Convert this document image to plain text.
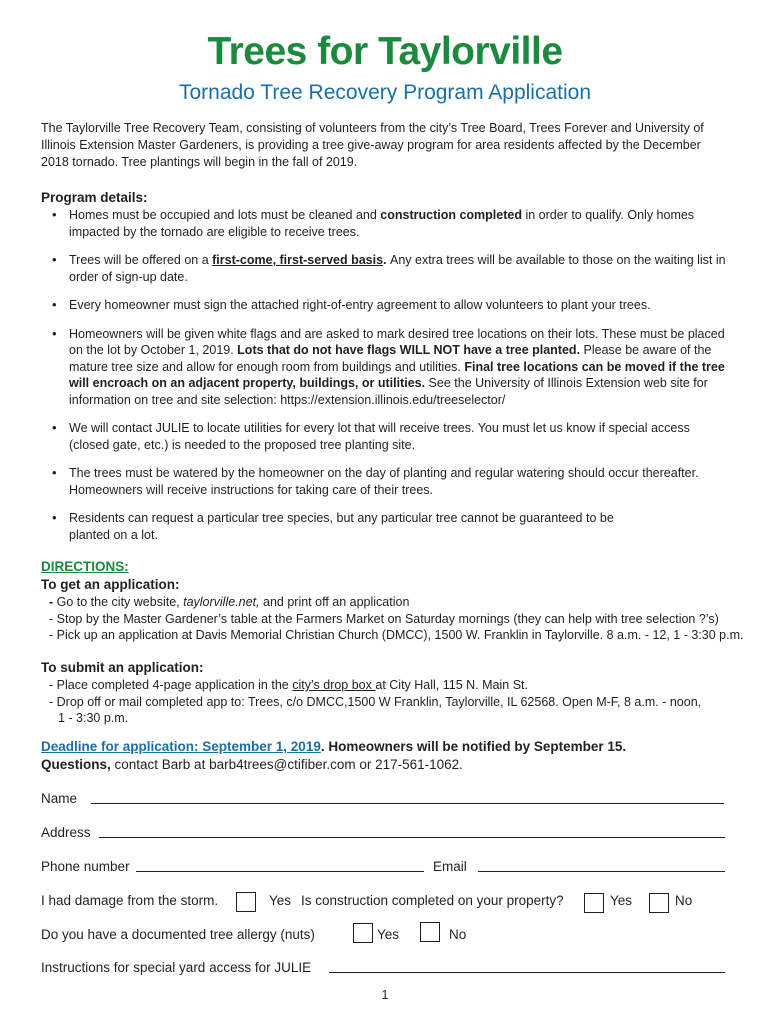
Trees for Taylorville
Tornado Tree Recovery Program Application
The Taylorville Tree Recovery Team, consisting of volunteers from the city’s Tree Board, Trees Forever and University of Illinois Extension Master Gardeners, is providing a tree give-away program for area residents affected by the December 2018 tornado. Tree plantings will begin in the fall of 2019.
Program details:
• Homes must be occupied and lots must be cleaned and construction completed in order to qualify. Only homes impacted by the tornado are eligible to receive trees.
• Trees will be offered on a first-come, first-served basis. Any extra trees will be available to those on the waiting list in order of sign-up date.
• Every homeowner must sign the attached right-of-entry agreement to allow volunteers to plant your trees.
• Homeowners will be given white flags and are asked to mark desired tree locations on their lots. These must be placed on the lot by October 1, 2019. Lots that do not have flags WILL NOT have a tree planted. Please be aware of the mature tree size and allow for enough room from buildings and utilities. Final tree locations can be moved if the tree will encroach on an adjacent property, buildings, or utilities. See the University of Illinois Extension web site for information on tree and site selection: https://extension.illinois.edu/treeselector/
• We will contact JULIE to locate utilities for every lot that will receive trees. You must let us know if special access (closed gate, etc.) is needed to the proposed tree planting site.
• The trees must be watered by the homeowner on the day of planting and regular watering should occur thereafter. Homeowners will receive instructions for taking care of their trees.
• Residents can request a particular tree species, but any particular tree cannot be guaranteed to be planted on a lot.
DIRECTIONS:
To get an application:
- Go to the city website, taylorville.net, and print off an application
- Stop by the Master Gardener’s table at the Farmers Market on Saturday mornings (they can help with tree selection ?’s)
- Pick up an application at Davis Memorial Christian Church (DMCC), 1500 W. Franklin in Taylorville. 8 a.m. - 12, 1 - 3:30 p.m.
To submit an application:
- Place completed 4-page application in the city’s drop box at City Hall, 115 N. Main St.
- Drop off or mail completed app to: Trees, c/o DMCC,1500 W Franklin, Taylorville, IL 62568. Open M-F, 8 a.m. - noon,
1 - 3:30 p.m.
Deadline for application: September 1, 2019. Homeowners will be notified by September 15.
Questions, contact Barb at barb4trees@ctifiber.com or 217-561-1062.
Name
Address
Phone number	Email
I had damage from the storm.	Yes Is construction completed on your property?	Yes	No
Do you have a documented tree allergy (nuts)	Yes	No
Instructions for special yard access for JULIE
1
